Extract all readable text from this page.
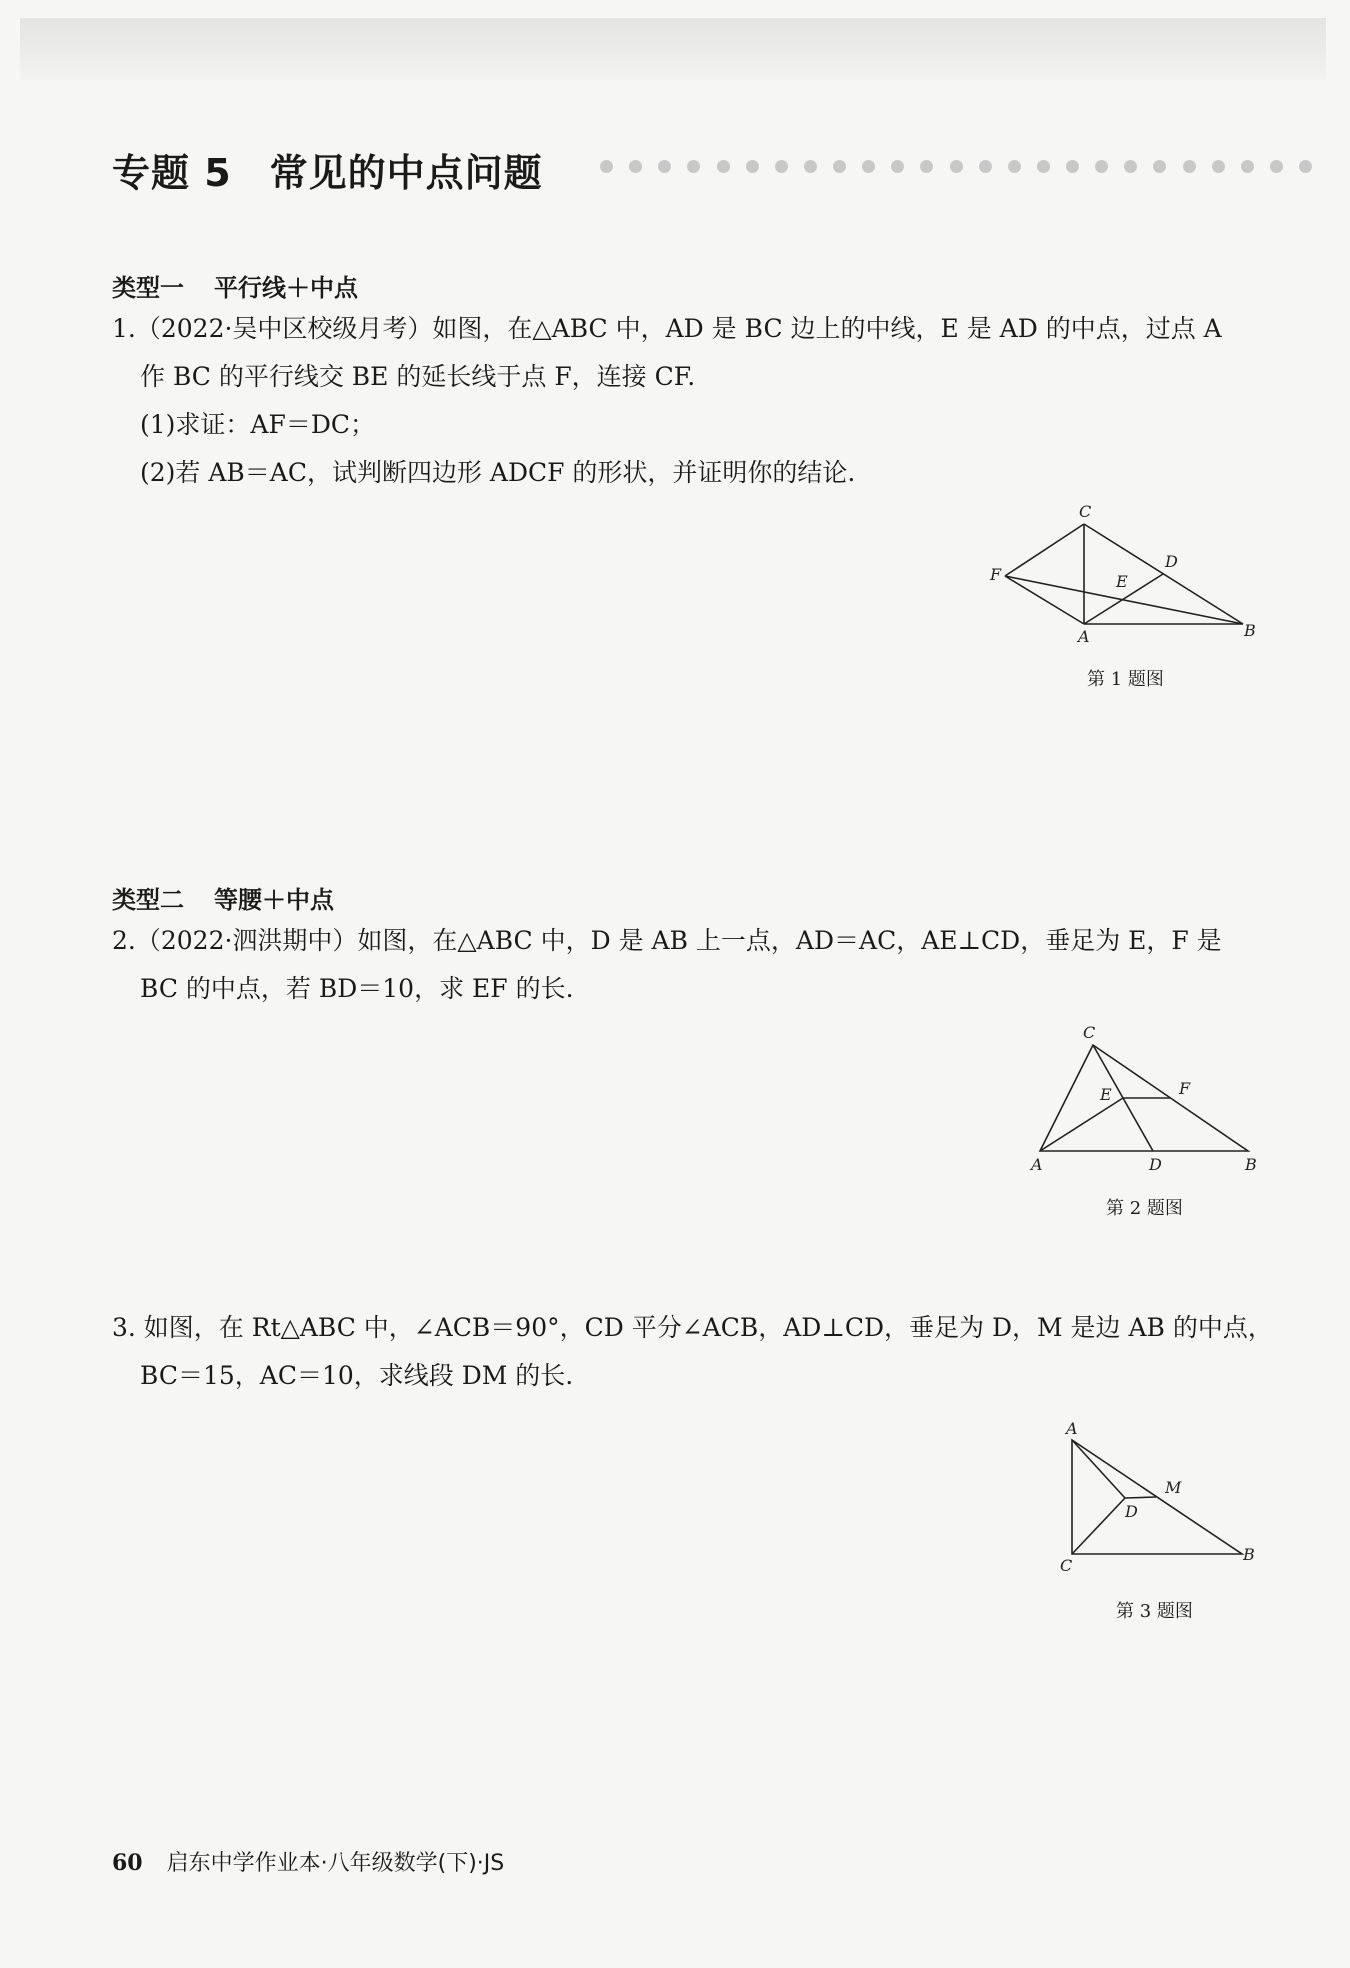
专题 5 常见的中点问题
类型一 平行线＋中点
1.（2022·吴中区校级月考）如图，在△ABC 中，AD 是 BC 边上的中线，E 是 AD 的中点，过点 A
作 BC 的平行线交 BE 的延长线于点 F，连接 CF.
(1)求证：AF＝DC；
(2)若 AB＝AC，试判断四边形 ADCF 的形状，并证明你的结论.
C
D
F	E
A	B
第 1 题图
类型二 等腰＋中点
2.（2022·泗洪期中）如图，在△ABC 中，D 是 AB 上一点，AD＝AC，AE⊥CD，垂足为 E，F 是
BC 的中点，若 BD＝10，求 EF 的长.
C
E	F
A	D	B
第 2 题图
3. 如图，在 Rt△ABC 中，∠ACB＝90°，CD 平分∠ACB，AD⊥CD，垂足为 D，M 是边 AB 的中点，
BC＝15，AC＝10，求线段 DM 的长.
A
M
D
C
B
第 3 题图
60 启东中学作业本·八年级数学(下)·JS
